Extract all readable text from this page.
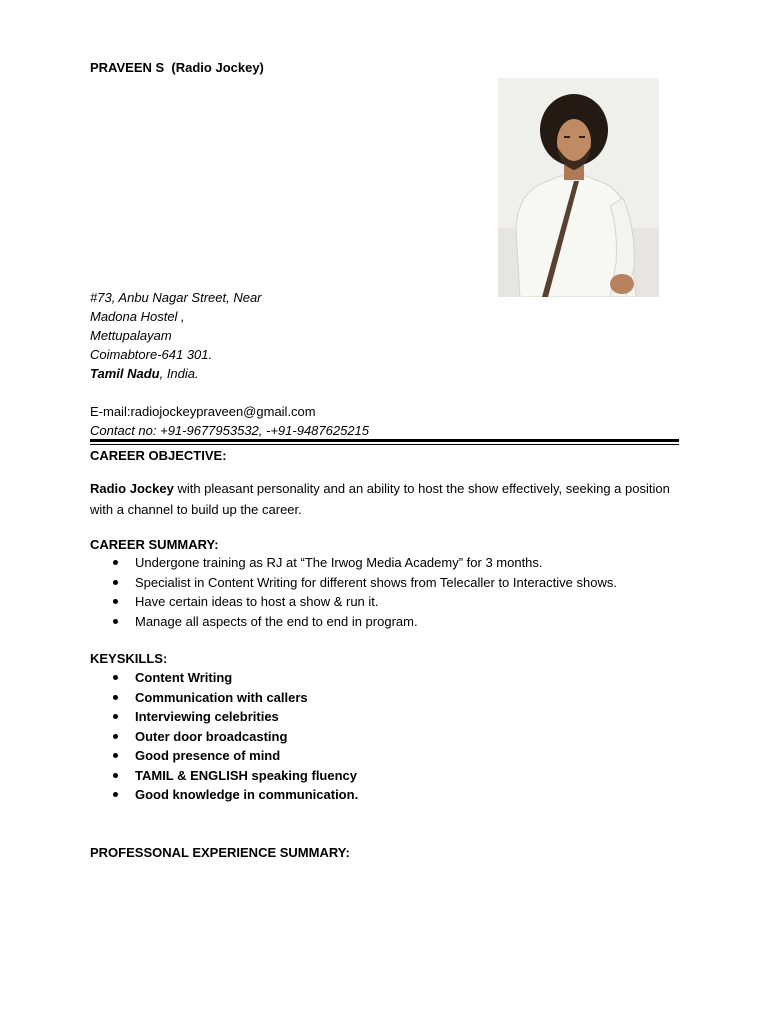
PRAVEEN S (Radio Jockey)
#73, Anbu Nagar Street, Near
Madona Hostel ,
Mettupalayam
Coimabtore-641 301.
Tamil Nadu, India.
E-mail:radiojockeypraveen@gmail.com
Contact no: +91-9677953532, -+91-9487625215
CAREER OBJECTIVE:
Radio Jockey with pleasant personality and an ability to host the show effectively, seeking a position with a channel to build up the career.
CAREER SUMMARY:
Undergone training as RJ at “The Irwog Media Academy” for 3 months.
Specialist in Content Writing for different shows from Telecaller to Interactive shows.
Have certain ideas to host a show & run it.
Manage all aspects of the end to end in program.
KEYSKILLS:
Content Writing
Communication with callers
Interviewing celebrities
Outer door broadcasting
Good presence of mind
TAMIL & ENGLISH speaking fluency
Good knowledge in communication.
PROFESSONAL EXPERIENCE SUMMARY:
